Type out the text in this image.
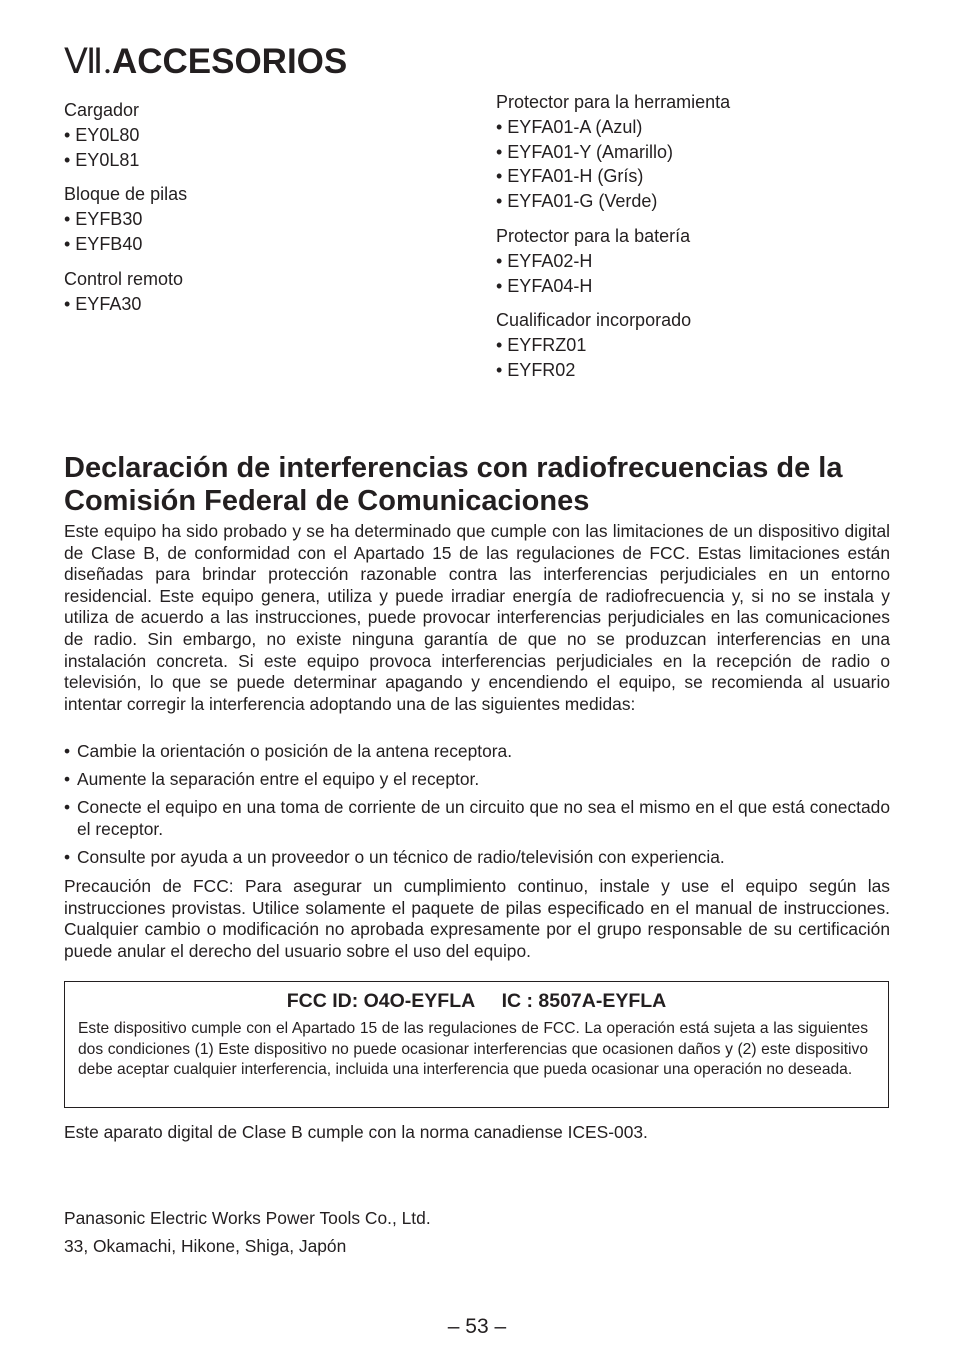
Ⅶ.ACCESORIOS
Cargador
• EY0L80
• EY0L81
Bloque de pilas
• EYFB30
• EYFB40
Control remoto
• EYFA30
Protector para la herramienta
• EYFA01-A (Azul)
• EYFA01-Y (Amarillo)
• EYFA01-H (Grís)
• EYFA01-G (Verde)
Protector para la batería
• EYFA02-H
• EYFA04-H
Cualificador incorporado
• EYFRZ01
• EYFR02
Declaración de interferencias con radiofrecuencias de la Comisión Federal de Comunicaciones
Este equipo ha sido probado y se ha determinado que cumple con las limitaciones de un dispositivo digital de Clase B, de conformidad con el Apartado 15 de las regulaciones de FCC. Estas limitaciones están diseñadas para brindar protección razonable contra las interferencias perjudiciales en un entorno residencial. Este equipo genera, utiliza y puede irradiar energía de radiofrecuencia y, si no se instala y utiliza de acuerdo a las instrucciones, puede provocar interferencias perjudiciales en las comunicaciones de radio. Sin embargo, no existe ninguna garantía de que no se produzcan interferencias en una instalación concreta. Si este equipo provoca interferencias perjudiciales en la recepción de radio o televisión, lo que se puede determinar apagando y encendiendo el equipo, se recomienda al usuario intentar corregir la interferencia adoptando una de las siguientes medidas:
• Cambie la orientación o posición de la antena receptora.
• Aumente la separación entre el equipo y el receptor.
• Conecte el equipo en una toma de corriente de un circuito que no sea el mismo en el que está conectado el receptor.
• Consulte por ayuda a un proveedor o un técnico de radio/televisión con experiencia.
Precaución de FCC: Para asegurar un cumplimiento continuo, instale y use el equipo según las instrucciones provistas. Utilice solamente el paquete de pilas especificado en el manual de instrucciones. Cualquier cambio o modificación no aprobada expresamente por el grupo responsable de su certificación puede anular el derecho del usuario sobre el uso del equipo.
FCC ID: O4O-EYFLA     IC : 8507A-EYFLA
Este dispositivo cumple con el Apartado 15 de las regulaciones de FCC. La operación está sujeta a las siguientes dos condiciones (1) Este dispositivo no puede ocasionar interferencias que ocasionen daños y (2) este dispositivo debe aceptar cualquier interferencia, incluida una interferencia que pueda ocasionar una operación no deseada.
Este aparato digital de Clase B cumple con la norma canadiense ICES-003.
Panasonic Electric Works Power Tools Co., Ltd.
33, Okamachi, Hikone, Shiga, Japón
– 53 –
